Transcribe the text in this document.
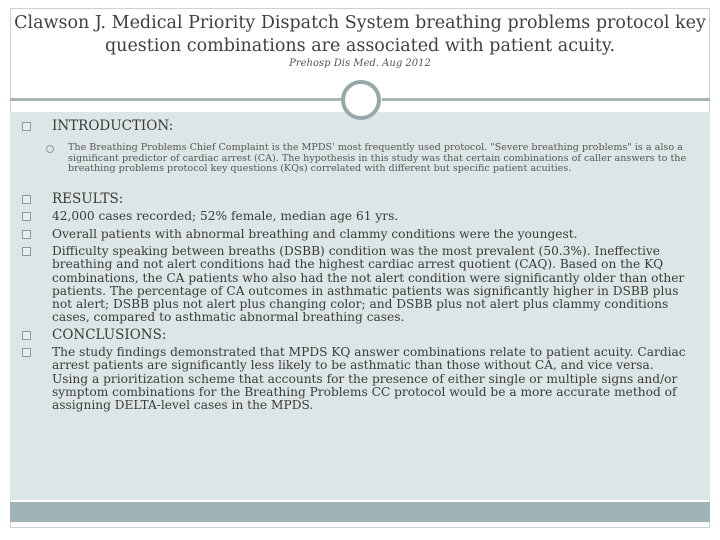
Clawson J. Medical Priority Dispatch System breathing problems protocol key question combinations are associated with patient acuity.
Prehosp Dis Med. Aug 2012
INTRODUCTION:
The Breathing Problems Chief Complaint is the MPDS' most frequently used protocol. "Severe breathing problems" is a also a significant predictor of cardiac arrest (CA). The hypothesis in this study was that certain combinations of caller answers to the breathing problems protocol key questions (KQs) correlated with different but specific patient acuities.
RESULTS:
42,000 cases recorded; 52% female, median age 61 yrs.
Overall patients with abnormal breathing and clammy conditions were the youngest.
Difficulty speaking between breaths (DSBB) condition was the most prevalent (50.3%). Ineffective breathing and not alert conditions had the highest cardiac arrest quotient (CAQ). Based on the KQ combinations, the CA patients who also had the not alert condition were significantly older than other patients. The percentage of CA outcomes in asthmatic patients was significantly higher in DSBB plus not alert; DSBB plus not alert plus changing color; and DSBB plus not alert plus clammy conditions cases, compared to asthmatic abnormal breathing cases.
CONCLUSIONS:
The study findings demonstrated that MPDS KQ answer combinations relate to patient acuity. Cardiac arrest patients are significantly less likely to be asthmatic than those without CA, and vice versa. Using a prioritization scheme that accounts for the presence of either single or multiple signs and/or symptom combinations for the Breathing Problems CC protocol would be a more accurate method of assigning DELTA-level cases in the MPDS.
